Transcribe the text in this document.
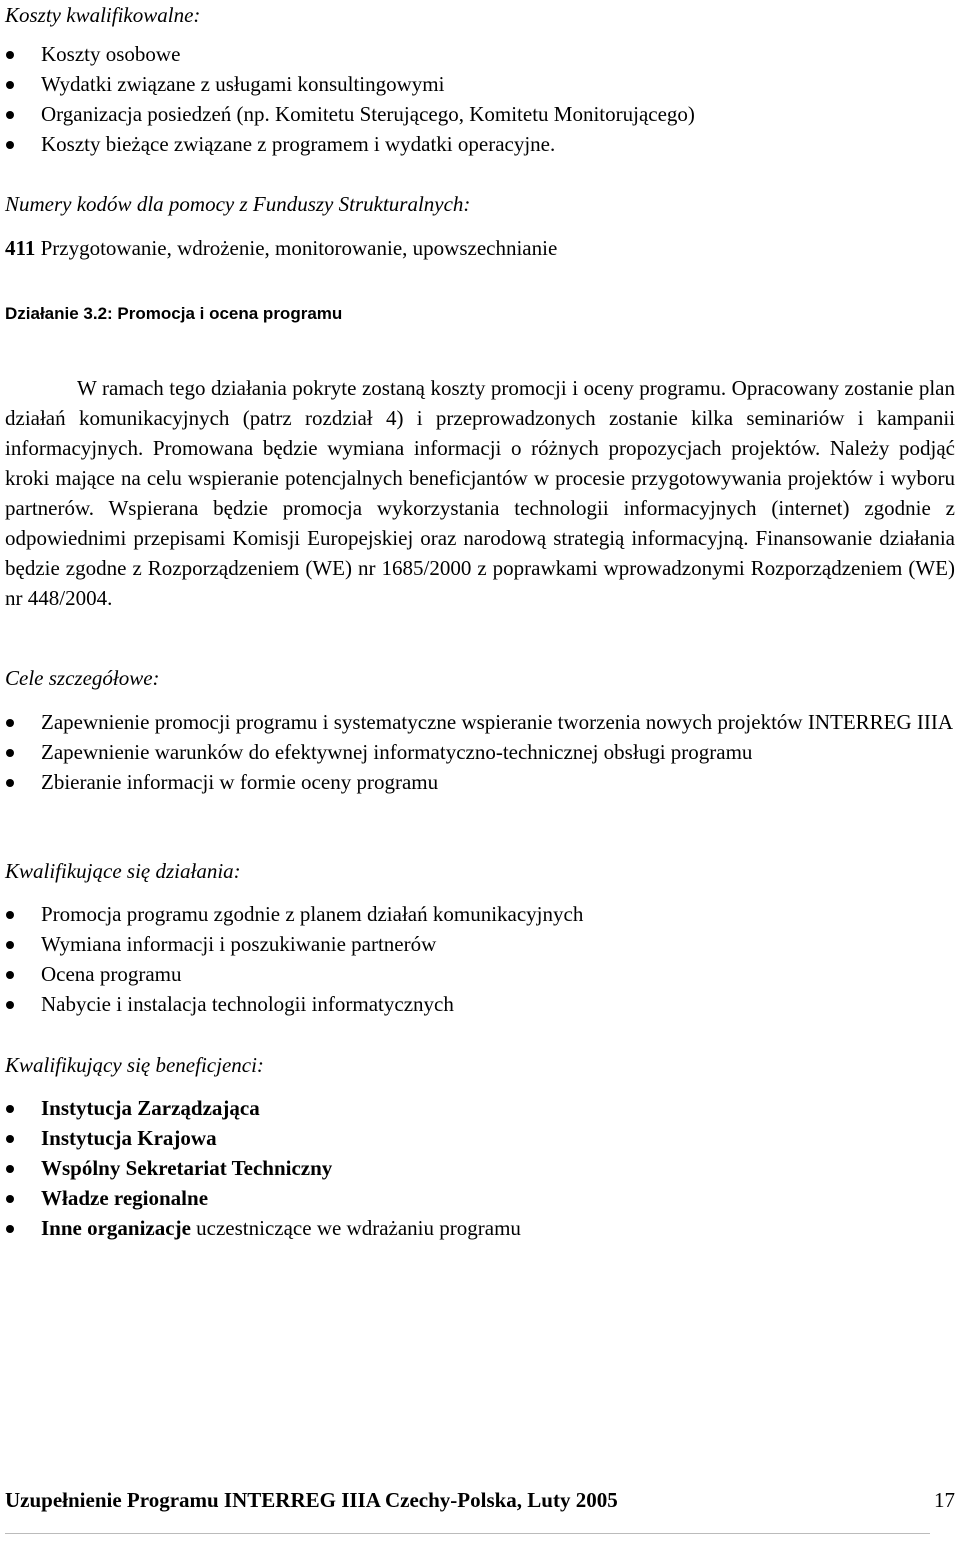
Koszty kwalifikowalne:

Koszty osobowe
Wydatki związane z usługami konsultingowymi
Organizacja posiedzeń (np. Komitetu Sterującego, Komitetu Monitorującego)
Koszty bieżące związane z programem i wydatki operacyjne.

Numery kodów dla pomocy z Funduszy Strukturalnych:

411 Przygotowanie, wdrożenie, monitorowanie, upowszechnianie

Działanie 3.2: Promocja i ocena programu

W ramach tego działania pokryte zostaną koszty promocji i oceny programu. Opracowany zostanie plan działań komunikacyjnych (patrz rozdział 4) i przeprowadzonych zostanie kilka seminariów i kampanii informacyjnych. Promowana będzie wymiana informacji o różnych propozycjach projektów. Należy podjąć kroki mające na celu wspieranie potencjalnych beneficjantów w procesie przygotowywania projektów i wyboru partnerów. Wspierana będzie promocja wykorzystania technologii informacyjnych (internet) zgodnie z odpowiednimi przepisami Komisji Europejskiej oraz narodową strategią informacyjną. Finansowanie działania będzie zgodne z Rozporządzeniem (WE) nr 1685/2000 z poprawkami wprowadzonymi Rozporządzeniem (WE) nr 448/2004.

Cele szczegółowe:

Zapewnienie promocji programu i systematyczne wspieranie tworzenia nowych projektów INTERREG IIIA
Zapewnienie warunków do efektywnej informatyczno-technicznej obsługi programu
Zbieranie informacji w formie oceny programu

Kwalifikujące się działania:

Promocja programu zgodnie z planem działań komunikacyjnych
Wymiana informacji i poszukiwanie partnerów
Ocena programu
Nabycie i instalacja technologii informatycznych

Kwalifikujący się beneficjenci:

Instytucja Zarządzająca
Instytucja Krajowa
Wspólny Sekretariat Techniczny
Władze regionalne
Inne organizacje uczestniczące we wdrażaniu programu
Uzupełnienie Programu INTERREG IIIA Czechy-Polska, Luty 2005	17
